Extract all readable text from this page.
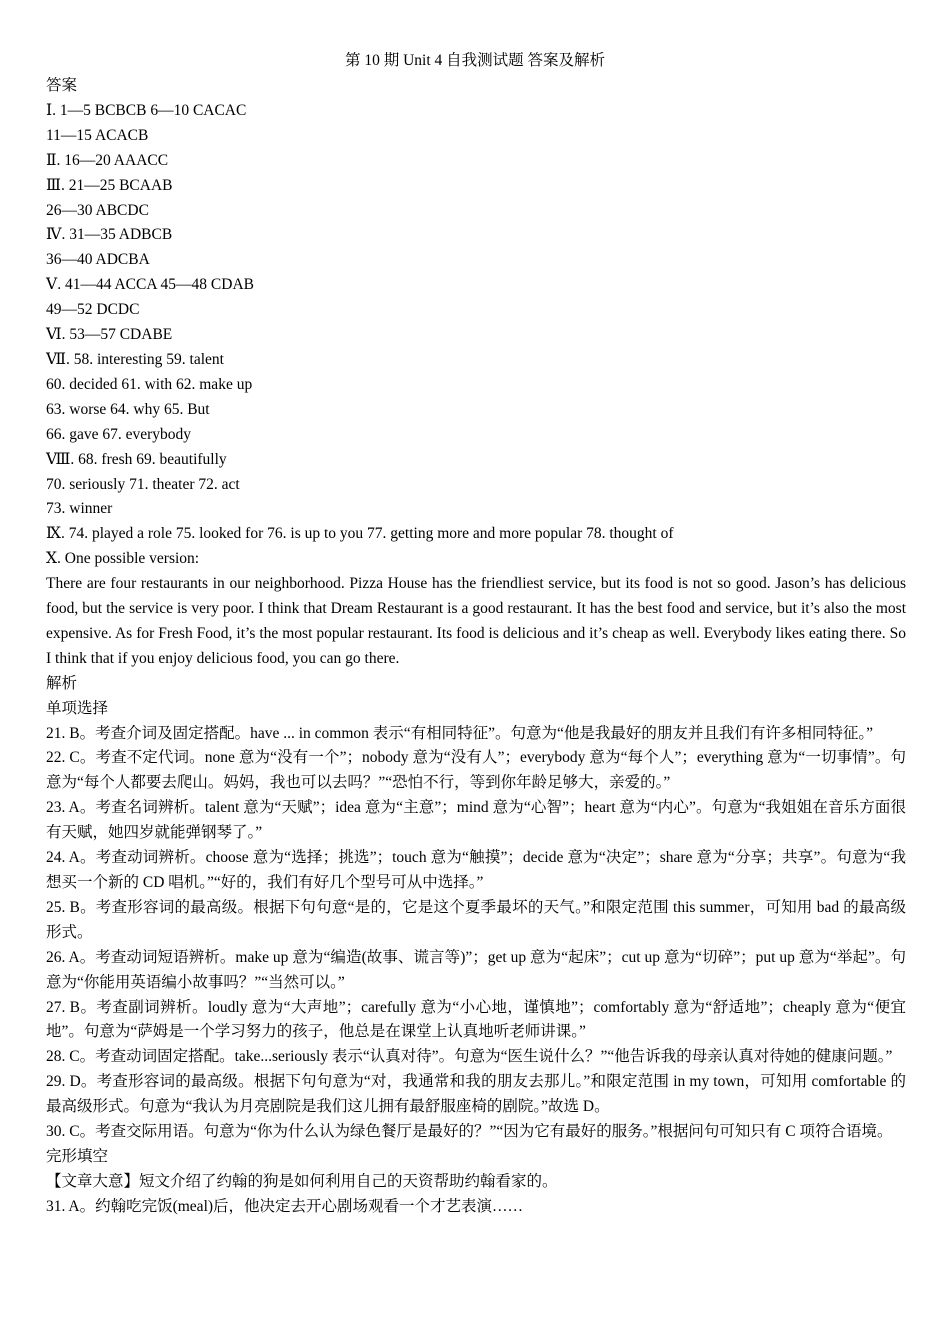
第 10 期 Unit 4 自我测试题 答案及解析

答案

Ⅰ. 1—5 BCBCB 6—10 CACAC

11—15 ACACB

Ⅱ. 16—20 AAACC

Ⅲ. 21—25 BCAAB

26—30 ABCDC

Ⅳ. 31—35 ADBCB

36—40 ADCBA

Ⅴ. 41—44 ACCA 45—48 CDAB

49—52 DCDC

Ⅵ. 53—57 CDABE

Ⅶ. 58. interesting 59. talent

60. decided 61. with 62. make up

63. worse 64. why 65. But

66. gave 67. everybody

Ⅷ. 68. fresh 69. beautifully

70. seriously 71. theater 72. act

73. winner

Ⅸ. 74. played a role 75. looked for 76. is up to you 77. getting more and more popular 78. thought of

Ⅹ. One possible version:

There are four restaurants in our neighborhood. Pizza House has the friendliest service, but its food is not so good. Jason’s has delicious food, but the service is very poor. I think that Dream Restaurant is a good restaurant. It has the best food and service, but it’s also the most expensive. As for Fresh Food, it’s the most popular restaurant. Its food is delicious and it’s cheap as well. Everybody likes eating there. So I think that if you enjoy delicious food, you can go there.

解析

单项选择

21. B。考查介词及固定搭配。have ... in common 表示“有相同特征”。句意为“他是我最好的朋友并且我们有许多相同特征。”

22. C。考查不定代词。none 意为“没有一个”；nobody 意为“没有人”；everybody 意为“每个人”；everything 意为“一切事情”。句意为“每个人都要去爬山。妈妈，我也可以去吗？”“恐怕不行，等到你年龄足够大，亲爱的。”

23. A。考查名词辨析。talent 意为“天赋”；idea 意为“主意”；mind 意为“心智”；heart 意为“内心”。句意为“我姐姐在音乐方面很有天赋，她四岁就能弹钢琴了。”

24. A。考查动词辨析。choose 意为“选择；挑选”；touch 意为“触摸”；decide 意为“决定”；share 意为“分享；共享”。句意为“我想买一个新的 CD 唱机。”“好的，我们有好几个型号可从中选择。”

25. B。考查形容词的最高级。根据下句句意“是的，它是这个夏季最坏的天气。”和限定范围 this summer，可知用 bad 的最高级形式。

26. A。考查动词短语辨析。make up 意为“编造(故事、谎言等)”；get up 意为“起床”；cut up 意为“切碎”；put up 意为“举起”。句意为“你能用英语编小故事吗？”“当然可以。”

27. B。考查副词辨析。loudly 意为“大声地”；carefully 意为“小心地，谨慎地”；comfortably 意为“舒适地”；cheaply 意为“便宜地”。句意为“萨姆是一个学习努力的孩子，他总是在课堂上认真地听老师讲课。”

28. C。考查动词固定搭配。take...seriously 表示“认真对待”。句意为“医生说什么？”“他告诉我的母亲认真对待她的健康问题。”

29. D。考查形容词的最高级。根据下句句意为“对，我通常和我的朋友去那儿。”和限定范围 in my town，可知用 comfortable 的最高级形式。句意为“我认为月亮剧院是我们这儿拥有最舒服座椅的剧院。”故选 D。

30. C。考查交际用语。句意为“你为什么认为绿色餐厅是最好的？”“因为它有最好的服务。”根据问句可知只有 C 项符合语境。

完形填空

【文章大意】短文介绍了约翰的狗是如何利用自己的天资帮助约翰看家的。

31. A。约翰吃完饭(meal)后，他决定去开心剧场观看一个才艺表演……
